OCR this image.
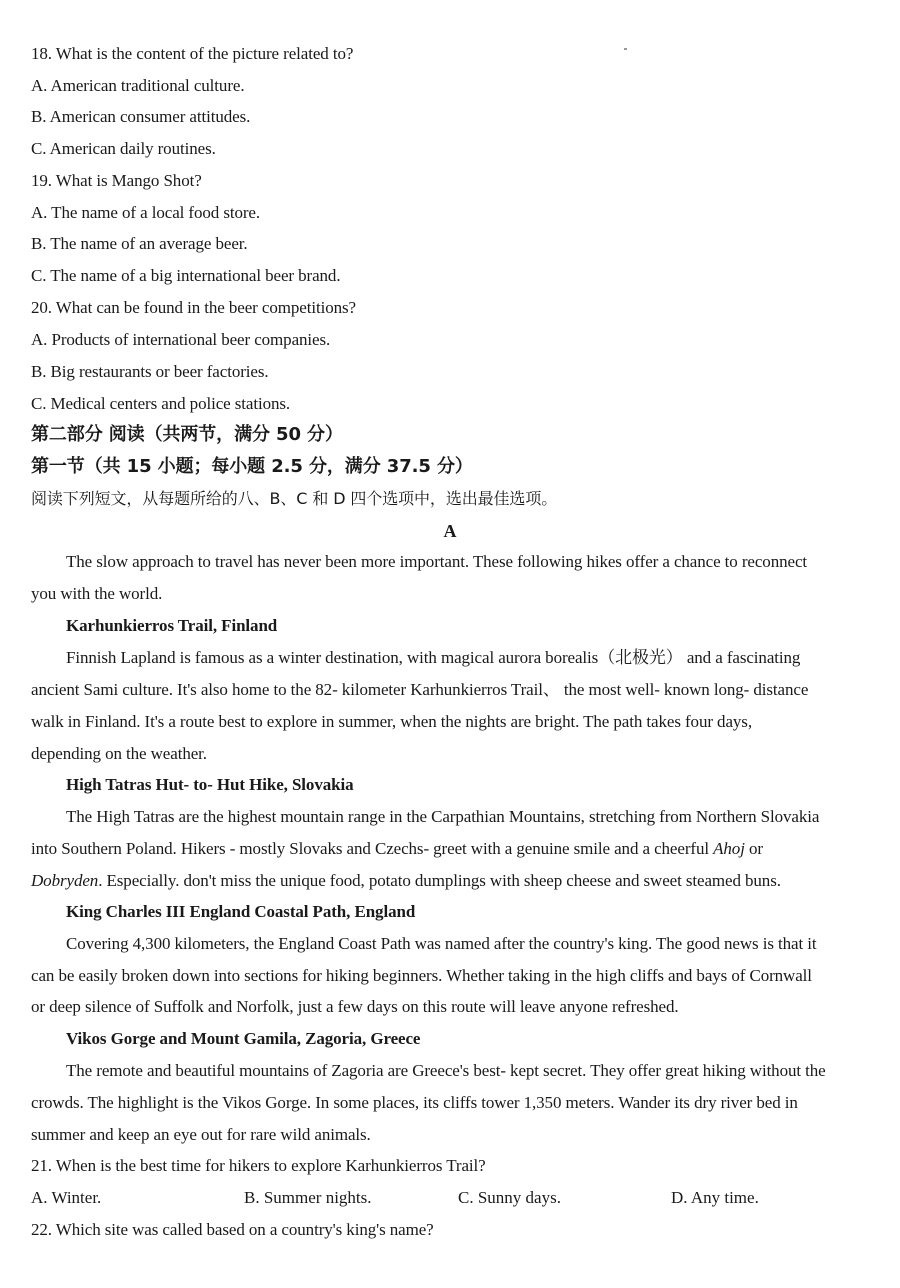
18. What is the content of the picture related to?
A. American traditional culture.
B. American consumer attitudes.
C. American daily routines.
19. What is Mango Shot?
A. The name of a local food store.
B. The name of an average beer.
C. The name of a big international beer brand.
20. What can be found in the beer competitions?
A. Products of international beer companies.
B. Big restaurants or beer factories.
C. Medical centers and police stations.
第二部分 阅读（共两节，满分 50 分）
第一节（共 15 小题；每小题 2.5 分，满分 37.5 分）
阅读下列短文，从每题所给的八、B、C 和 D 四个选项中，选出最佳选项。
A
The slow approach to travel has never been more important. These following hikes offer a chance to reconnect
you with the world.
Karhunkierros Trail, Finland
Finnish Lapland is famous as a winter destination, with magical aurora borealis（北极光） and a fascinating
ancient Sami culture. It's also home to the 82- kilometer Karhunkierros Trail、 the most well- known long- distance
walk in Finland. It's a route best to explore in summer, when the nights are bright. The path takes four days,
depending on the weather.
High Tatras Hut- to- Hut Hike, Slovakia
The High Tatras are the highest mountain range in the Carpathian Mountains, stretching from Northern Slovakia
into Southern Poland. Hikers - mostly Slovaks and Czechs- greet with a genuine smile and a cheerful Ahoj or
Dobryden. Especially. don't miss the unique food, potato dumplings with sheep cheese and sweet steamed buns.
King Charles III England Coastal Path, England
Covering 4,300 kilometers, the England Coast Path was named after the country's king. The good news is that it
can be easily broken down into sections for hiking beginners. Whether taking in the high cliffs and bays of Cornwall
or deep silence of Suffolk and Norfolk, just a few days on this route will leave anyone refreshed.
Vikos Gorge and Mount Gamila, Zagoria, Greece
The remote and beautiful mountains of Zagoria are Greece's best- kept secret. They offer great hiking without the
crowds. The highlight is the Vikos Gorge. In some places, its cliffs tower 1,350 meters. Wander its dry river bed in
summer and keep an eye out for rare wild animals.
21. When is the best time for hikers to explore Karhunkierros Trail?
A. Winter.	B. Summer nights.	C. Sunny days.	D. Any time.
22. Which site was called based on a country's king's name?
